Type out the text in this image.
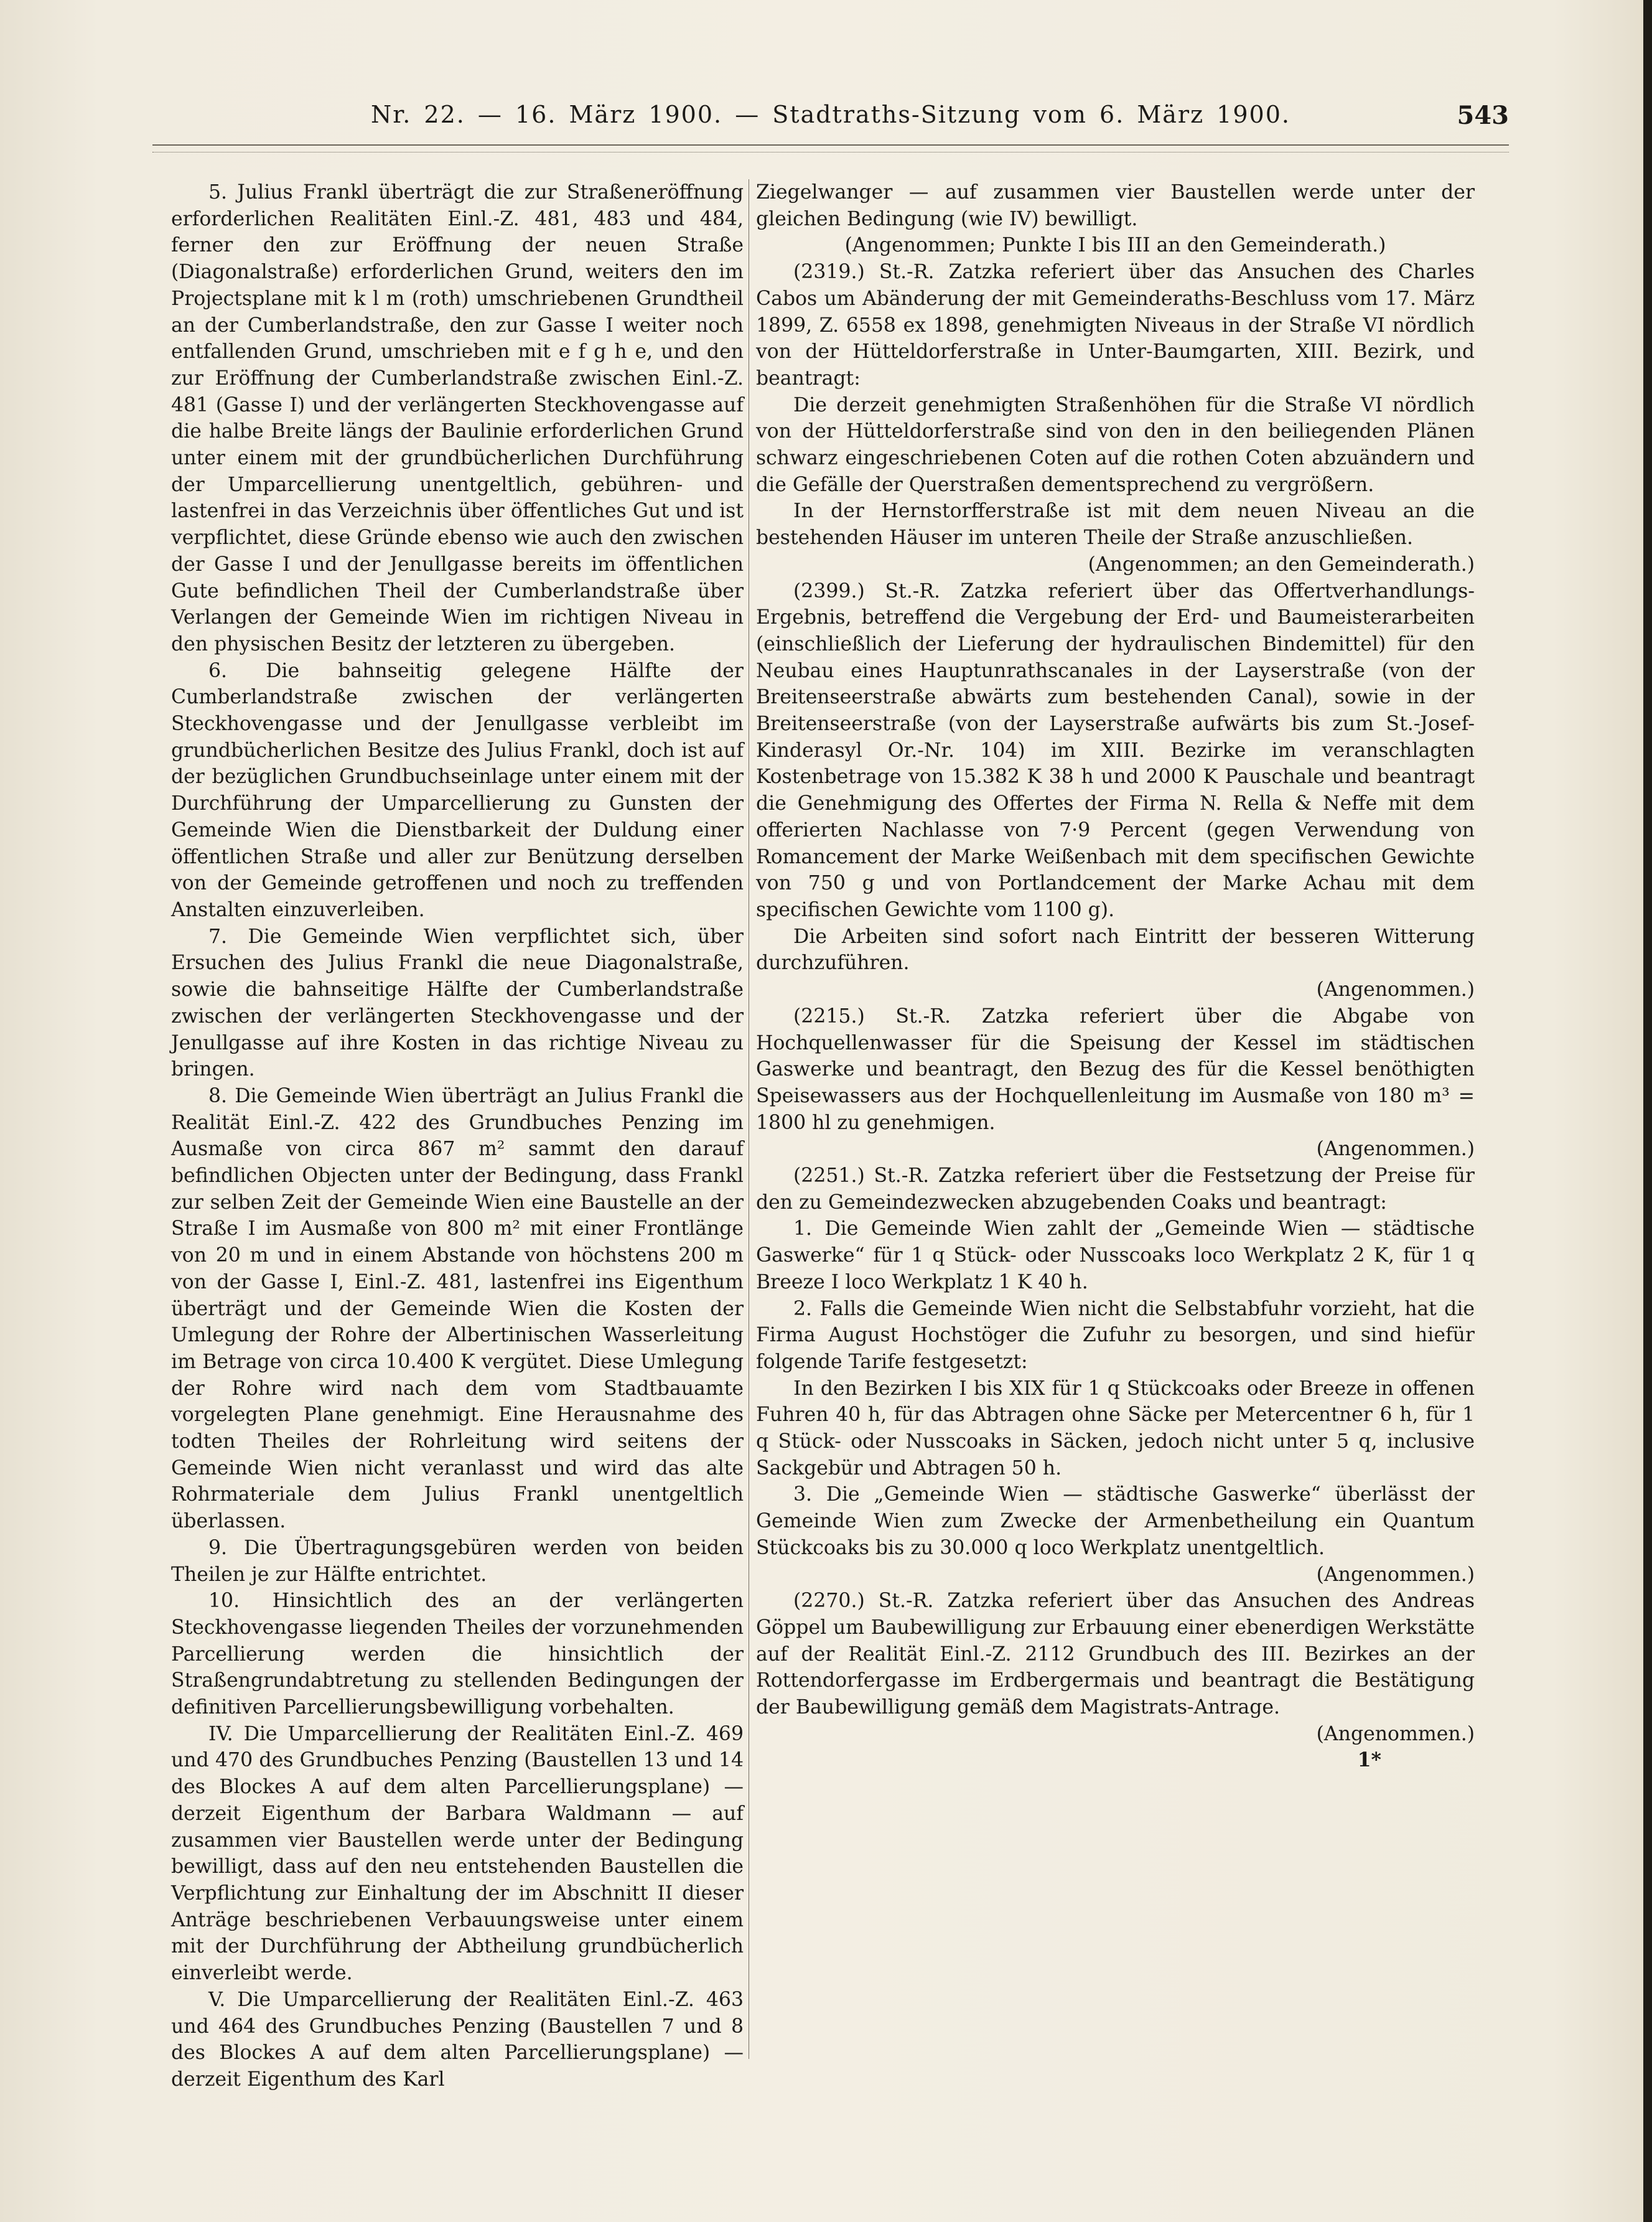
Nr. 22. — 16. März 1900. — Stadtraths-Sitzung vom 6. März 1900.	543

5. Julius Frankl überträgt die zur Straßeneröffnung erforderlichen Realitäten Einl.-Z. 481, 483 und 484, ferner den zur Eröffnung der neuen Straße (Diagonalstraße) erforderlichen Grund, weiters den im Projectsplane mit k l m (roth) umschriebenen Grundtheil an der Cumberlandstraße, den zur Gasse I weiter noch entfallenden Grund, umschrieben mit e f g h e, und den zur Eröffnung der Cumberlandstraße zwischen Einl.-Z. 481 (Gasse I) und der verlängerten Steckhovengasse auf die halbe Breite längs der Baulinie erforderlichen Grund unter einem mit der grundbücherlichen Durchführung der Umparcellierung unentgeltlich, gebühren- und lastenfrei in das Verzeichnis über öffentliches Gut und ist verpflichtet, diese Gründe ebenso wie auch den zwischen der Gasse I und der Jenullgasse bereits im öffentlichen Gute befindlichen Theil der Cumberlandstraße über Verlangen der Gemeinde Wien im richtigen Niveau in den physischen Besitz der letzteren zu übergeben.

6. Die bahnseitig gelegene Hälfte der Cumberlandstraße zwischen der verlängerten Steckhovengasse und der Jenullgasse verbleibt im grundbücherlichen Besitze des Julius Frankl, doch ist auf der bezüglichen Grundbuchseinlage unter einem mit der Durchführung der Umparcellierung zu Gunsten der Gemeinde Wien die Dienstbarkeit der Duldung einer öffentlichen Straße und aller zur Benützung derselben von der Gemeinde getroffenen und noch zu treffenden Anstalten einzuverleiben.

7. Die Gemeinde Wien verpflichtet sich, über Ersuchen des Julius Frankl die neue Diagonalstraße, sowie die bahnseitige Hälfte der Cumberlandstraße zwischen der verlängerten Steckhovengasse und der Jenullgasse auf ihre Kosten in das richtige Niveau zu bringen.

8. Die Gemeinde Wien überträgt an Julius Frankl die Realität Einl.-Z. 422 des Grundbuches Penzing im Ausmaße von circa 867 m² sammt den darauf befindlichen Objecten unter der Bedingung, dass Frankl zur selben Zeit der Gemeinde Wien eine Baustelle an der Straße I im Ausmaße von 800 m² mit einer Frontlänge von 20 m und in einem Abstande von höchstens 200 m von der Gasse I, Einl.-Z. 481, lastenfrei ins Eigenthum überträgt und der Gemeinde Wien die Kosten der Umlegung der Rohre der Albertinischen Wasserleitung im Betrage von circa 10.400 K vergütet. Diese Umlegung der Rohre wird nach dem vom Stadtbauamte vorgelegten Plane genehmigt. Eine Herausnahme des todten Theiles der Rohrleitung wird seitens der Gemeinde Wien nicht veranlasst und wird das alte Rohrmateriale dem Julius Frankl unentgeltlich überlassen.

9. Die Übertragungsgebüren werden von beiden Theilen je zur Hälfte entrichtet.

10. Hinsichtlich des an der verlängerten Steckhovengasse liegenden Theiles der vorzunehmenden Parcellierung werden die hinsichtlich der Straßengrundabtretung zu stellenden Bedingungen der definitiven Parcellierungsbewilligung vorbehalten.

IV. Die Umparcellierung der Realitäten Einl.-Z. 469 und 470 des Grundbuches Penzing (Baustellen 13 und 14 des Blockes A auf dem alten Parcellierungsplane) — derzeit Eigenthum der Barbara Waldmann — auf zusammen vier Baustellen werde unter der Bedingung bewilligt, dass auf den neu entstehenden Baustellen die Verpflichtung zur Einhaltung der im Abschnitt II dieser Anträge beschriebenen Verbauungsweise unter einem mit der Durchführung der Abtheilung grundbücherlich einverleibt werde.

V. Die Umparcellierung der Realitäten Einl.-Z. 463 und 464 des Grundbuches Penzing (Baustellen 7 und 8 des Blockes A auf dem alten Parcellierungsplane) — derzeit Eigenthum des Karl

Ziegelwanger — auf zusammen vier Baustellen werde unter der gleichen Bedingung (wie IV) bewilligt.

(Angenommen; Punkte I bis III an den Gemeinderath.)

(2319.) St.-R. Zatzka referiert über das Ansuchen des Charles Cabos um Abänderung der mit Gemeinderaths-Beschluss vom 17. März 1899, Z. 6558 ex 1898, genehmigten Niveaus in der Straße VI nördlich von der Hütteldorferstraße in Unter-Baumgarten, XIII. Bezirk, und beantragt:

Die derzeit genehmigten Straßenhöhen für die Straße VI nördlich von der Hütteldorferstraße sind von den in den beiliegenden Plänen schwarz eingeschriebenen Coten auf die rothen Coten abzuändern und die Gefälle der Querstraßen dementsprechend zu vergrößern.

In der Hernstorfferstraße ist mit dem neuen Niveau an die bestehenden Häuser im unteren Theile der Straße anzuschließen.

(Angenommen; an den Gemeinderath.)

(2399.) St.-R. Zatzka referiert über das Offertverhandlungs-Ergebnis, betreffend die Vergebung der Erd- und Baumeisterarbeiten (einschließlich der Lieferung der hydraulischen Bindemittel) für den Neubau eines Hauptunrathscanales in der Layserstraße (von der Breitenseerstraße abwärts zum bestehenden Canal), sowie in der Breitenseerstraße (von der Layserstraße aufwärts bis zum St.-Josef-Kinderasyl Or.-Nr. 104) im XIII. Bezirke im veranschlagten Kostenbetrage von 15.382 K 38 h und 2000 K Pauschale und beantragt die Genehmigung des Offertes der Firma N. Rella & Neffe mit dem offerierten Nachlasse von 7·9 Percent (gegen Verwendung von Romancement der Marke Weißenbach mit dem specifischen Gewichte von 750 g und von Portlandcement der Marke Achau mit dem specifischen Gewichte vom 1100 g).

Die Arbeiten sind sofort nach Eintritt der besseren Witterung durchzuführen.

(Angenommen.)

(2215.) St.-R. Zatzka referiert über die Abgabe von Hochquellenwasser für die Speisung der Kessel im städtischen Gaswerke und beantragt, den Bezug des für die Kessel benöthigten Speisewassers aus der Hochquellenleitung im Ausmaße von 180 m³ = 1800 hl zu genehmigen.

(Angenommen.)

(2251.) St.-R. Zatzka referiert über die Festsetzung der Preise für den zu Gemeindezwecken abzugebenden Coaks und beantragt:

1. Die Gemeinde Wien zahlt der „Gemeinde Wien — städtische Gaswerke“ für 1 q Stück- oder Nusscoaks loco Werkplatz 2 K, für 1 q Breeze I loco Werkplatz 1 K 40 h.

2. Falls die Gemeinde Wien nicht die Selbstabfuhr vorzieht, hat die Firma August Hochstöger die Zufuhr zu besorgen, und sind hiefür folgende Tarife festgesetzt:

In den Bezirken I bis XIX für 1 q Stückcoaks oder Breeze in offenen Fuhren 40 h, für das Abtragen ohne Säcke per Metercentner 6 h, für 1 q Stück- oder Nusscoaks in Säcken, jedoch nicht unter 5 q, inclusive Sackgebür und Abtragen 50 h.

3. Die „Gemeinde Wien — städtische Gaswerke“ überlässt der Gemeinde Wien zum Zwecke der Armenbetheilung ein Quantum Stückcoaks bis zu 30.000 q loco Werkplatz unentgeltlich.

(Angenommen.)

(2270.) St.-R. Zatzka referiert über das Ansuchen des Andreas Göppel um Baubewilligung zur Erbauung einer ebenerdigen Werkstätte auf der Realität Einl.-Z. 2112 Grundbuch des III. Bezirkes an der Rottendorfergasse im Erdbergermais und beantragt die Bestätigung der Baubewilligung gemäß dem Magistrats-Antrage.

(Angenommen.)

1*
